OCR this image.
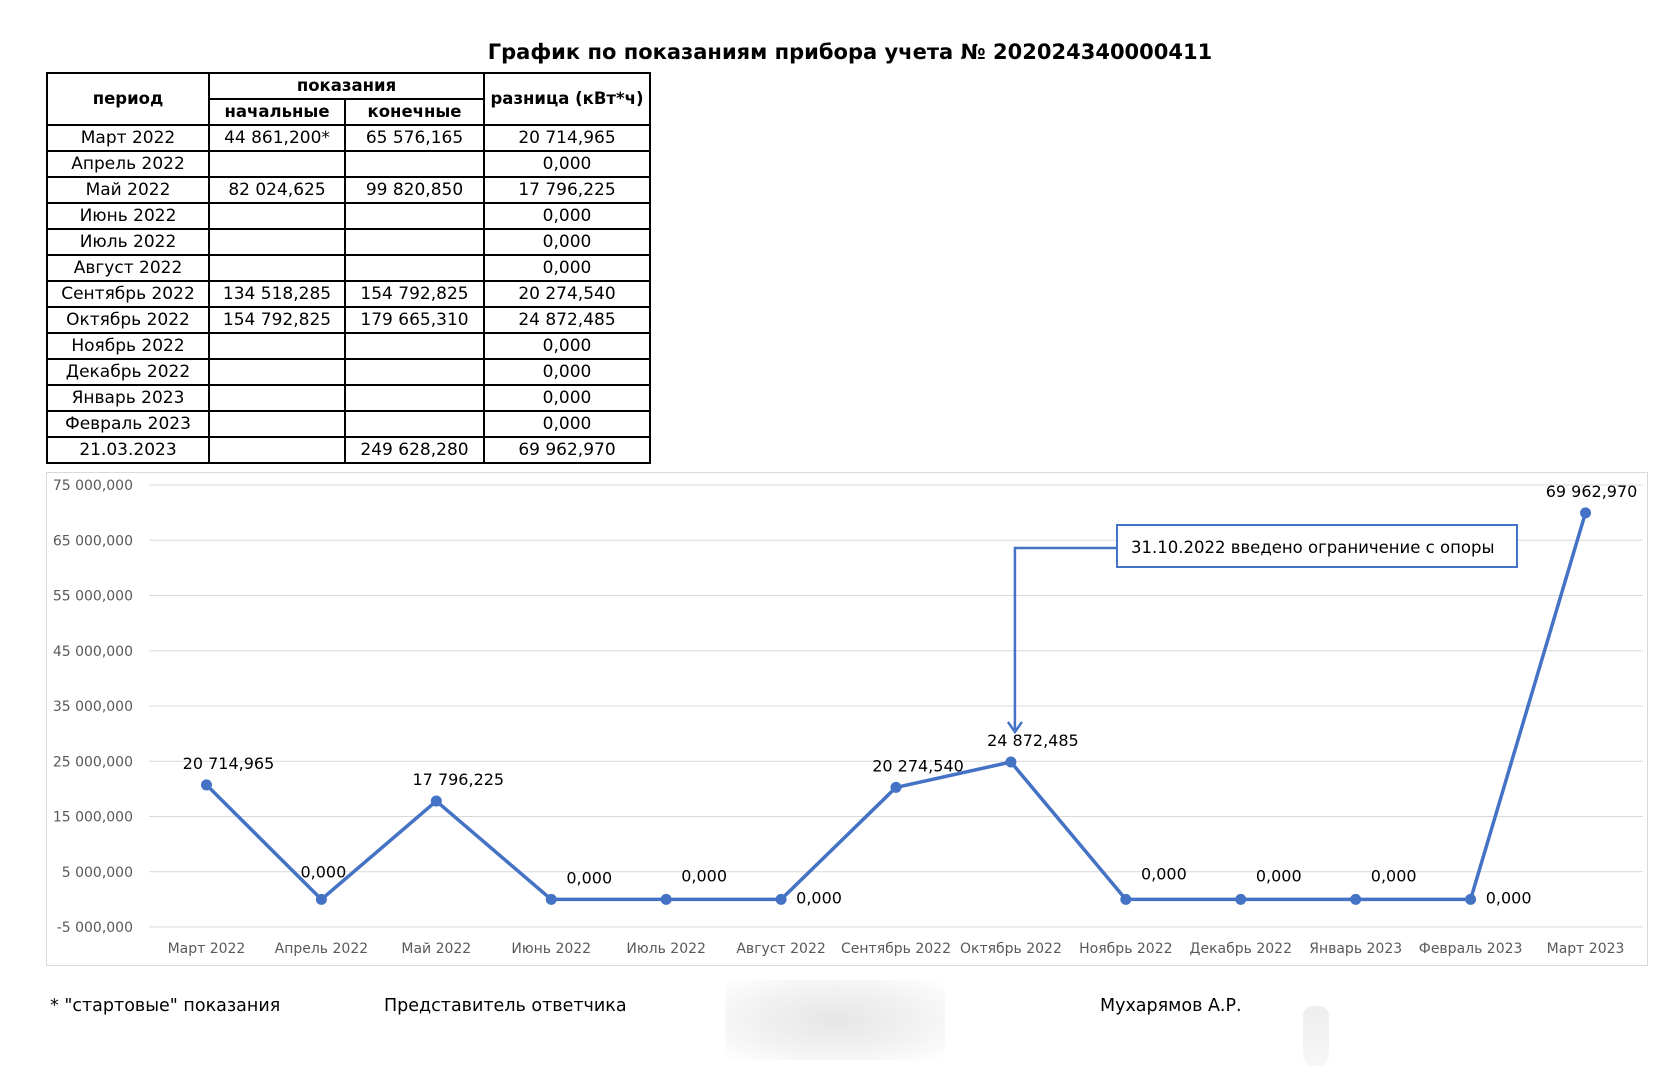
График по показаниям прибора учета № 202024340000411
период	показания		разница (кВт*ч)
	начальные	конечные	
Март 2022	44 861,200*	65 576,165	20 714,965
Апрель 2022			0,000
Май 2022	82 024,625	99 820,850	17 796,225
Июнь 2022			0,000
Июль 2022			0,000
Август 2022			0,000
Сентябрь 2022	134 518,285	154 792,825	20 274,540
Октябрь 2022	154 792,825	179 665,310	24 872,485
Ноябрь 2022			0,000
Декабрь 2022			0,000
Январь 2023			0,000
Февраль 2023			0,000
21.03.2023		249 628,280	69 962,970
-5 000,000
5 000,000
15 000,000
25 000,000
35 000,000
45 000,000
55 000,000
65 000,000
75 000,000
Март 2022 Апрель 2022 Май 2022	Июнь 2022	Июль 2022 Август 2022 Сентябрь 2022 Октябрь 2022 Ноябрь 2022 Декабрь 2022 Январь 2023 Февраль 2023 Март 2023
20 714,965
0,000
17 796,225
0,000	0,000
0,000
20 274,540
24 872,485
0,000	0,000	0,000
0,000
69 962,970
31.10.2022 введено ограничение с опоры
* "стартовые" показания	Представитель ответчика	Мухарямов А.Р.
